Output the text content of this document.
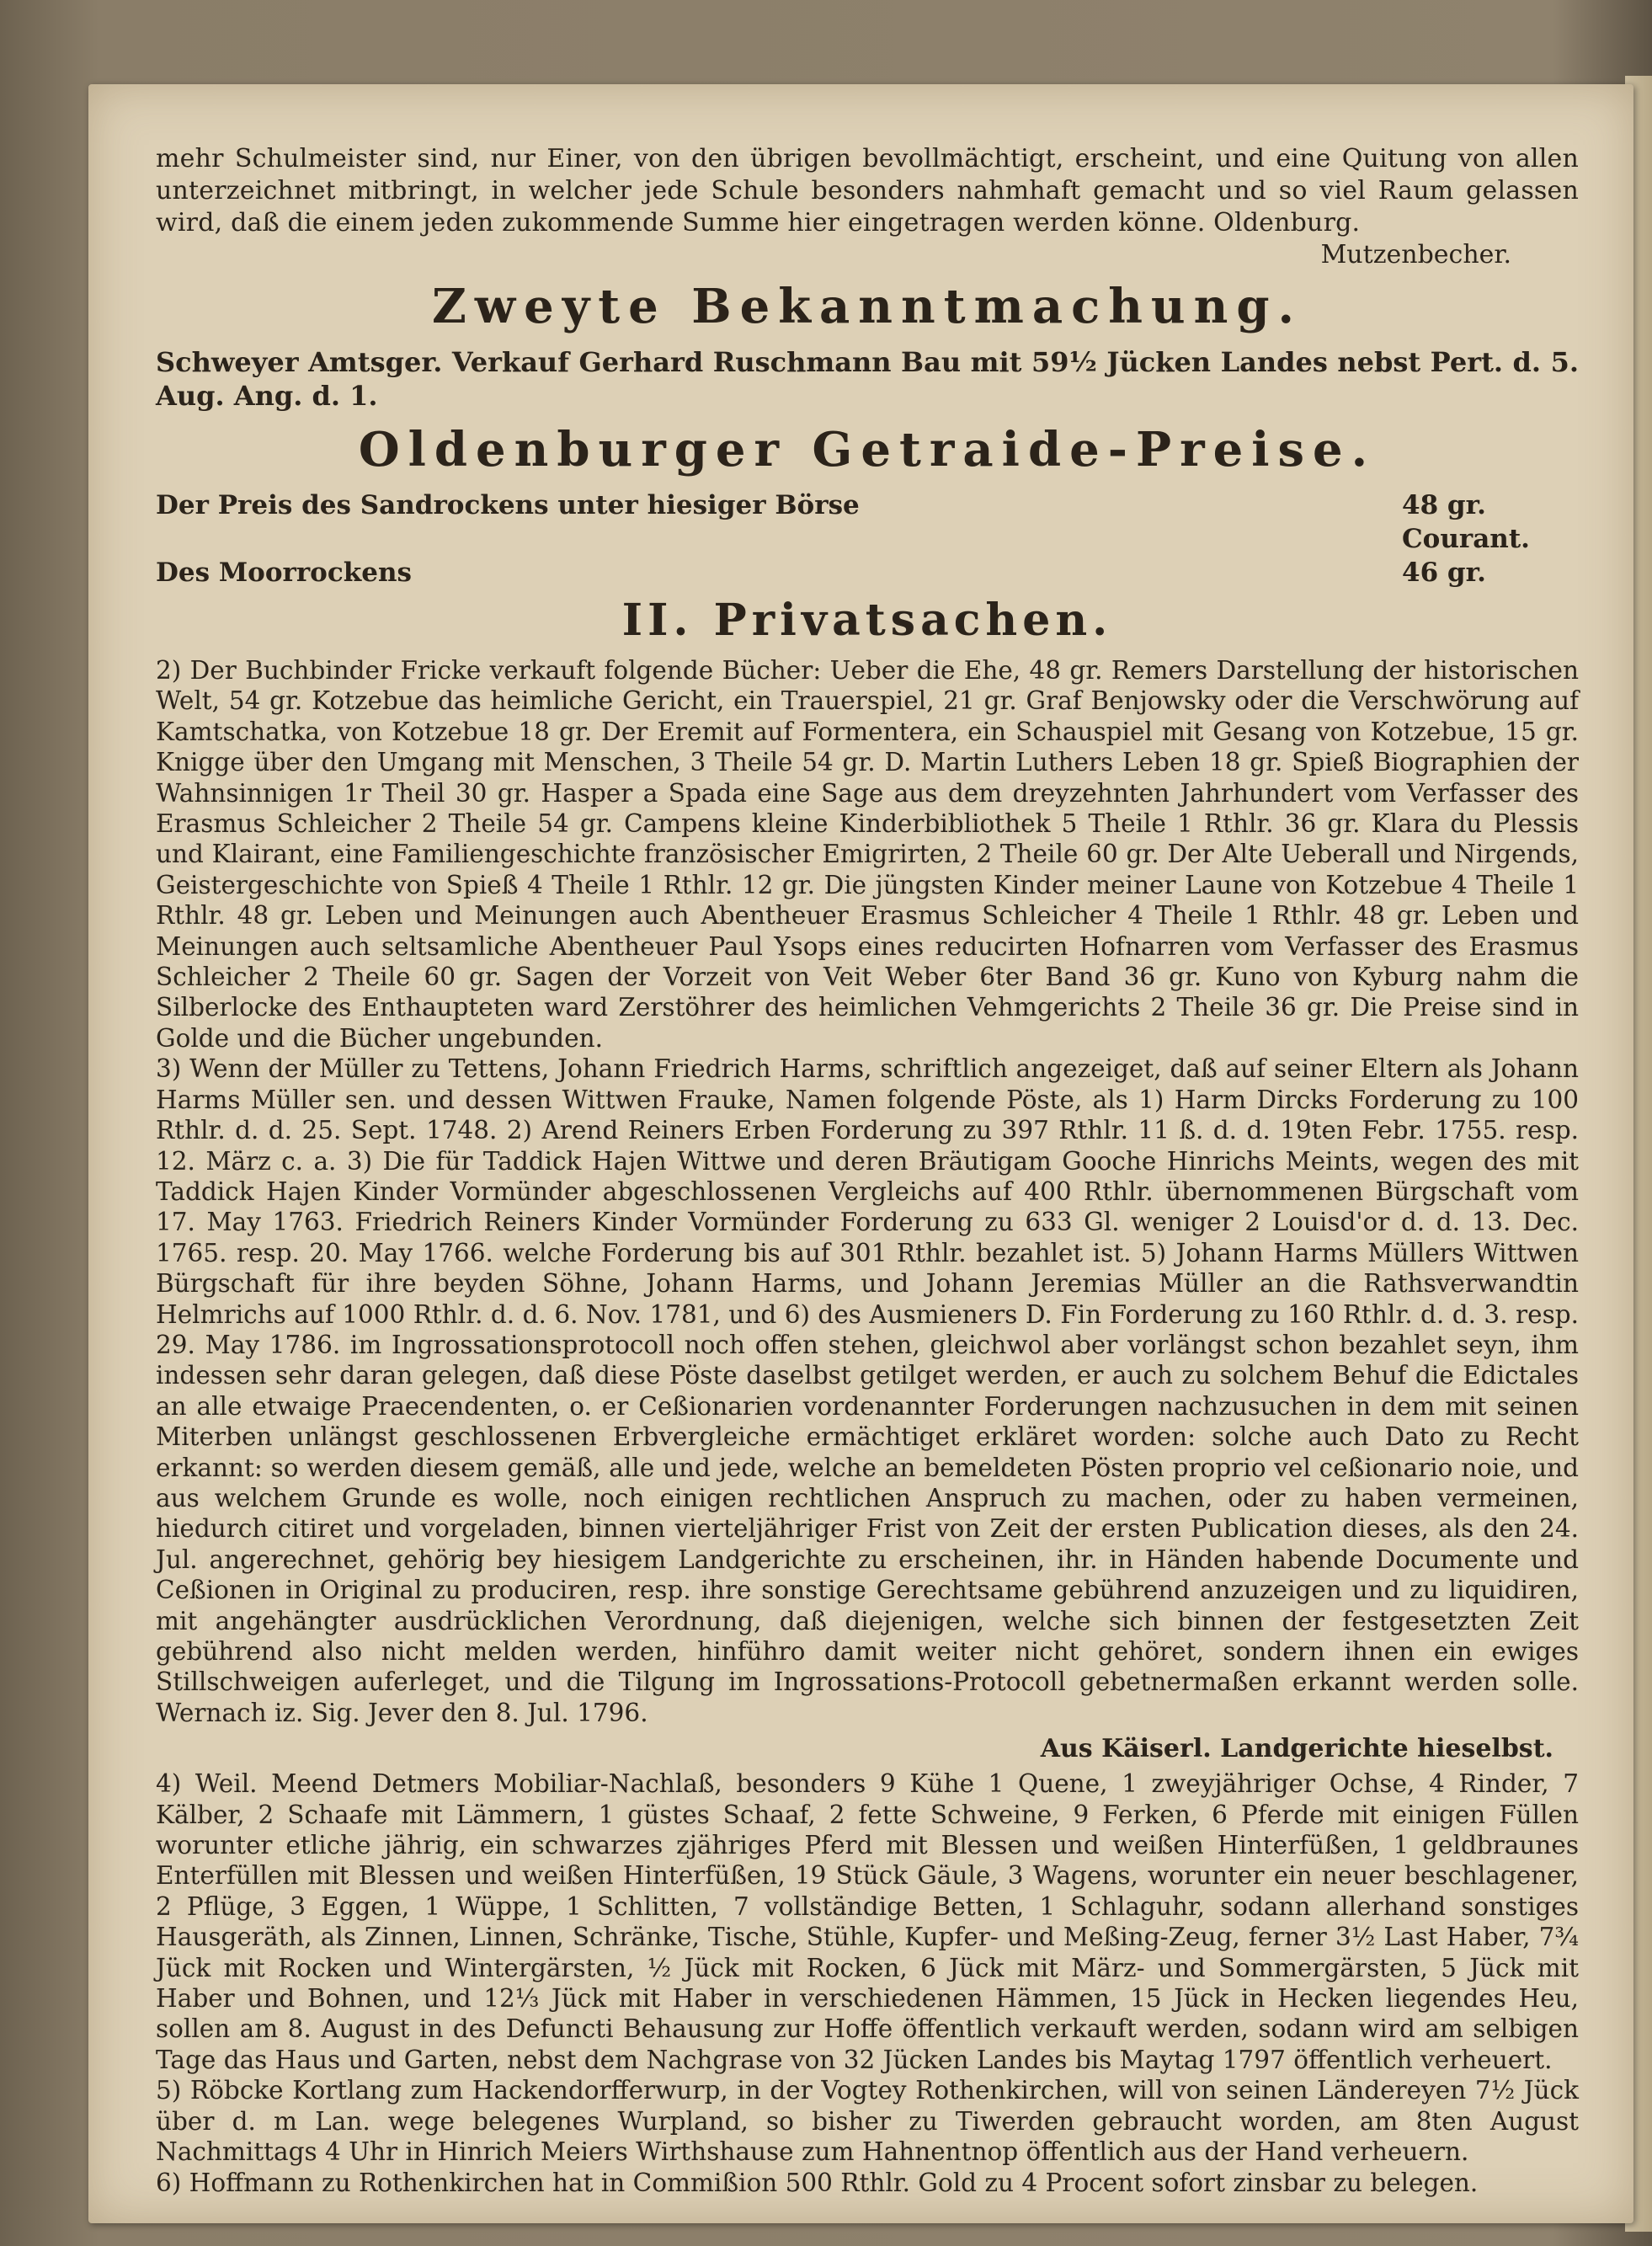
mehr Schulmeister sind, nur Einer, von den übrigen bevollmächtigt, erscheint, und eine Quitung von allen unterzeichnet mitbringt, in welcher jede Schule besonders nahmhaft gemacht und so viel Raum gelassen wird, daß die einem jeden zukommende Summe hier eingetragen werden könne. Oldenburg.

Mutzenbecher.

Zweyte Bekanntmachung.

Schweyer Amtsger. Verkauf Gerhard Ruschmann Bau mit 59½ Jücken Landes nebst Pert. d. 5. Aug. Ang. d. 1.

Oldenburger Getraide-Preise.
Der Preis des Sandrockens unter hiesiger Börse	48 gr. Courant.
Des Moorrockens	46 gr.
II. Privatsachen.

2) Der Buchbinder Fricke verkauft folgende Bücher: Ueber die Ehe, 48 gr. Remers Darstellung der historischen Welt, 54 gr. Kotzebue das heimliche Gericht, ein Trauerspiel, 21 gr. Graf Benjowsky oder die Verschwörung auf Kamtschatka, von Kotzebue 18 gr. Der Eremit auf Formentera, ein Schauspiel mit Gesang von Kotzebue, 15 gr. Knigge über den Umgang mit Menschen, 3 Theile 54 gr. D. Martin Luthers Leben 18 gr. Spieß Biographien der Wahnsinnigen 1r Theil 30 gr. Hasper a Spada eine Sage aus dem dreyzehnten Jahrhundert vom Verfasser des Erasmus Schleicher 2 Theile 54 gr. Campens kleine Kinderbibliothek 5 Theile 1 Rthlr. 36 gr. Klara du Plessis und Klairant, eine Familiengeschichte französischer Emigrirten, 2 Theile 60 gr. Der Alte Ueberall und Nirgends, Geistergeschichte von Spieß 4 Theile 1 Rthlr. 12 gr. Die jüngsten Kinder meiner Laune von Kotzebue 4 Theile 1 Rthlr. 48 gr. Leben und Meinungen auch Abentheuer Erasmus Schleicher 4 Theile 1 Rthlr. 48 gr. Leben und Meinungen auch seltsamliche Abentheuer Paul Ysops eines reducirten Hofnarren vom Verfasser des Erasmus Schleicher 2 Theile 60 gr. Sagen der Vorzeit von Veit Weber 6ter Band 36 gr. Kuno von Kyburg nahm die Silberlocke des Enthaupteten ward Zerstöhrer des heimlichen Vehmgerichts 2 Theile 36 gr. Die Preise sind in Golde und die Bücher ungebunden.

3) Wenn der Müller zu Tettens, Johann Friedrich Harms, schriftlich angezeiget, daß auf seiner Eltern als Johann Harms Müller sen. und dessen Wittwen Frauke, Namen folgende Pöste, als 1) Harm Dircks Forderung zu 100 Rthlr. d. d. 25. Sept. 1748. 2) Arend Reiners Erben Forderung zu 397 Rthlr. 11 ß. d. d. 19ten Febr. 1755. resp. 12. März c. a. 3) Die für Taddick Hajen Wittwe und deren Bräutigam Gooche Hinrichs Meints, wegen des mit Taddick Hajen Kinder Vormünder abgeschlossenen Vergleichs auf 400 Rthlr. übernommenen Bürgschaft vom 17. May 1763. Friedrich Reiners Kinder Vormünder Forderung zu 633 Gl. weniger 2 Louisd'or d. d. 13. Dec. 1765. resp. 20. May 1766. welche Forderung bis auf 301 Rthlr. bezahlet ist. 5) Johann Harms Müllers Wittwen Bürgschaft für ihre beyden Söhne, Johann Harms, und Johann Jeremias Müller an die Rathsverwandtin Helmrichs auf 1000 Rthlr. d. d. 6. Nov. 1781, und 6) des Ausmieners D. Fin Forderung zu 160 Rthlr. d. d. 3. resp. 29. May 1786. im Ingrossationsprotocoll noch offen stehen, gleichwol aber vorlängst schon bezahlet seyn, ihm indessen sehr daran gelegen, daß diese Pöste daselbst getilget werden, er auch zu solchem Behuf die Edictales an alle etwaige Praecendenten, o. er Ceßionarien vordenannter Forderungen nachzusuchen in dem mit seinen Miterben unlängst geschlossenen Erbvergleiche ermächtiget erkläret worden: solche auch Dato zu Recht erkannt: so werden diesem gemäß, alle und jede, welche an bemeldeten Pösten proprio vel ceßionario noie, und aus welchem Grunde es wolle, noch einigen rechtlichen Anspruch zu machen, oder zu haben vermeinen, hiedurch citiret und vorgeladen, binnen vierteljähriger Frist von Zeit der ersten Publication dieses, als den 24. Jul. angerechnet, gehörig bey hiesigem Landgerichte zu erscheinen, ihr. in Händen habende Documente und Ceßionen in Original zu produciren, resp. ihre sonstige Gerechtsame gebührend anzuzeigen und zu liquidiren, mit angehängter ausdrücklichen Verordnung, daß diejenigen, welche sich binnen der festgesetzten Zeit gebührend also nicht melden werden, hinführo damit weiter nicht gehöret, sondern ihnen ein ewiges Stillschweigen auferleget, und die Tilgung im Ingrossations-Protocoll gebetnermaßen erkannt werden solle. Wernach iz. Sig. Jever den 8. Jul. 1796.

Aus Käiserl. Landgerichte hieselbst.

4) Weil. Meend Detmers Mobiliar-Nachlaß, besonders 9 Kühe 1 Quene, 1 zweyjähriger Ochse, 4 Rinder, 7 Kälber, 2 Schaafe mit Lämmern, 1 güstes Schaaf, 2 fette Schweine, 9 Ferken, 6 Pferde mit einigen Füllen worunter etliche jährig, ein schwarzes zjähriges Pferd mit Blessen und weißen Hinterfüßen, 1 geldbraunes Enterfüllen mit Blessen und weißen Hinterfüßen, 19 Stück Gäule, 3 Wagens, worunter ein neuer beschlagener, 2 Pflüge, 3 Eggen, 1 Wüppe, 1 Schlitten, 7 vollständige Betten, 1 Schlaguhr, sodann allerhand sonstiges Hausgeräth, als Zinnen, Linnen, Schränke, Tische, Stühle, Kupfer- und Meßing-Zeug, ferner 3½ Last Haber, 7¾ Jück mit Rocken und Wintergärsten, ½ Jück mit Rocken, 6 Jück mit März- und Sommergärsten, 5 Jück mit Haber und Bohnen, und 12⅓ Jück mit Haber in verschiedenen Hämmen, 15 Jück in Hecken liegendes Heu, sollen am 8. August in des Defuncti Behausung zur Hoffe öffentlich verkauft werden, sodann wird am selbigen Tage das Haus und Garten, nebst dem Nachgrase von 32 Jücken Landes bis Maytag 1797 öffentlich verheuert.

5) Röbcke Kortlang zum Hackendorfferwurp, in der Vogtey Rothenkirchen, will von seinen Ländereyen 7½ Jück über d. m Lan. wege belegenes Wurpland, so bisher zu Tiwerden gebraucht worden, am 8ten August Nachmittags 4 Uhr in Hinrich Meiers Wirthshause zum Hahnentnop öffentlich aus der Hand verheuern.

6) Hoffmann zu Rothenkirchen hat in Commißion 500 Rthlr. Gold zu 4 Procent sofort zinsbar zu belegen.
